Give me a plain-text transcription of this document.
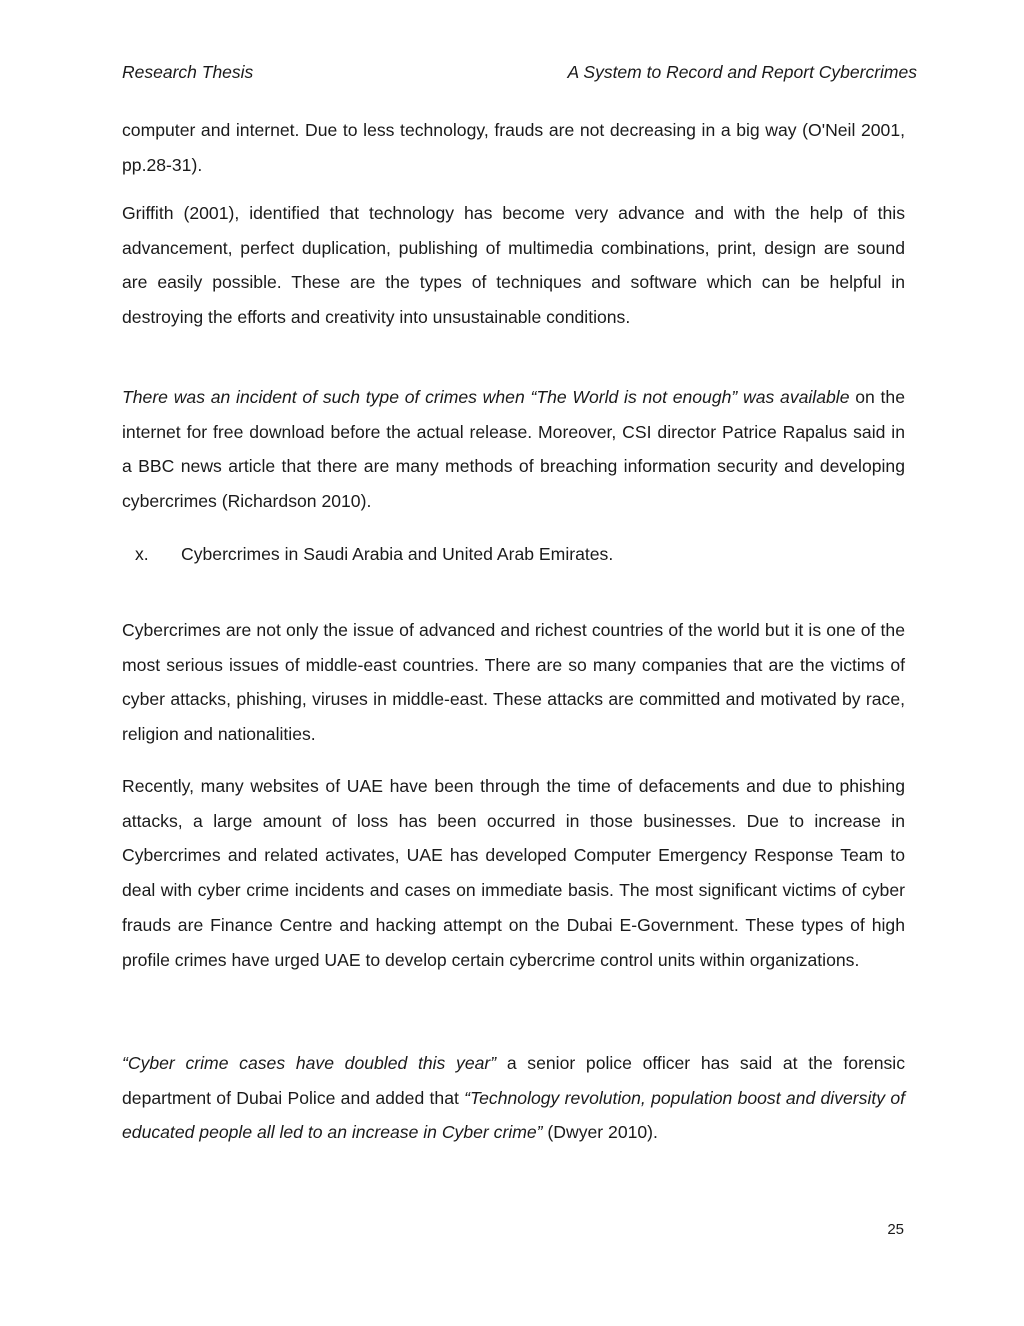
Research Thesis	A System to Record and Report Cybercrimes

computer and internet. Due to less technology, frauds are not decreasing in a big way (O'Neil 2001, pp.28-31).

Griffith (2001), identified that technology has become very advance and with the help of this advancement, perfect duplication, publishing of multimedia combinations, print, design are sound are easily possible. These are the types of techniques and software which can be helpful in destroying the efforts and creativity into unsustainable conditions.

There was an incident of such type of crimes when “The World is not enough” was available on the internet for free download before the actual release. Moreover, CSI director Patrice Rapalus said in a BBC news article that there are many methods of breaching information security and developing cybercrimes (Richardson 2010).

x. Cybercrimes in Saudi Arabia and United Arab Emirates.

Cybercrimes are not only the issue of advanced and richest countries of the world but it is one of the most serious issues of middle-east countries. There are so many companies that are the victims of cyber attacks, phishing, viruses in middle-east. These attacks are committed and motivated by race, religion and nationalities.

Recently, many websites of UAE have been through the time of defacements and due to phishing attacks, a large amount of loss has been occurred in those businesses. Due to increase in Cybercrimes and related activates, UAE has developed Computer Emergency Response Team to deal with cyber crime incidents and cases on immediate basis. The most significant victims of cyber frauds are Finance Centre and hacking attempt on the Dubai E-Government. These types of high profile crimes have urged UAE to develop certain cybercrime control units within organizations.

“Cyber crime cases have doubled this year” a senior police officer has said at the forensic department of Dubai Police and added that “Technology revolution, population boost and diversity of educated people all led to an increase in Cyber crime” (Dwyer 2010).

25
